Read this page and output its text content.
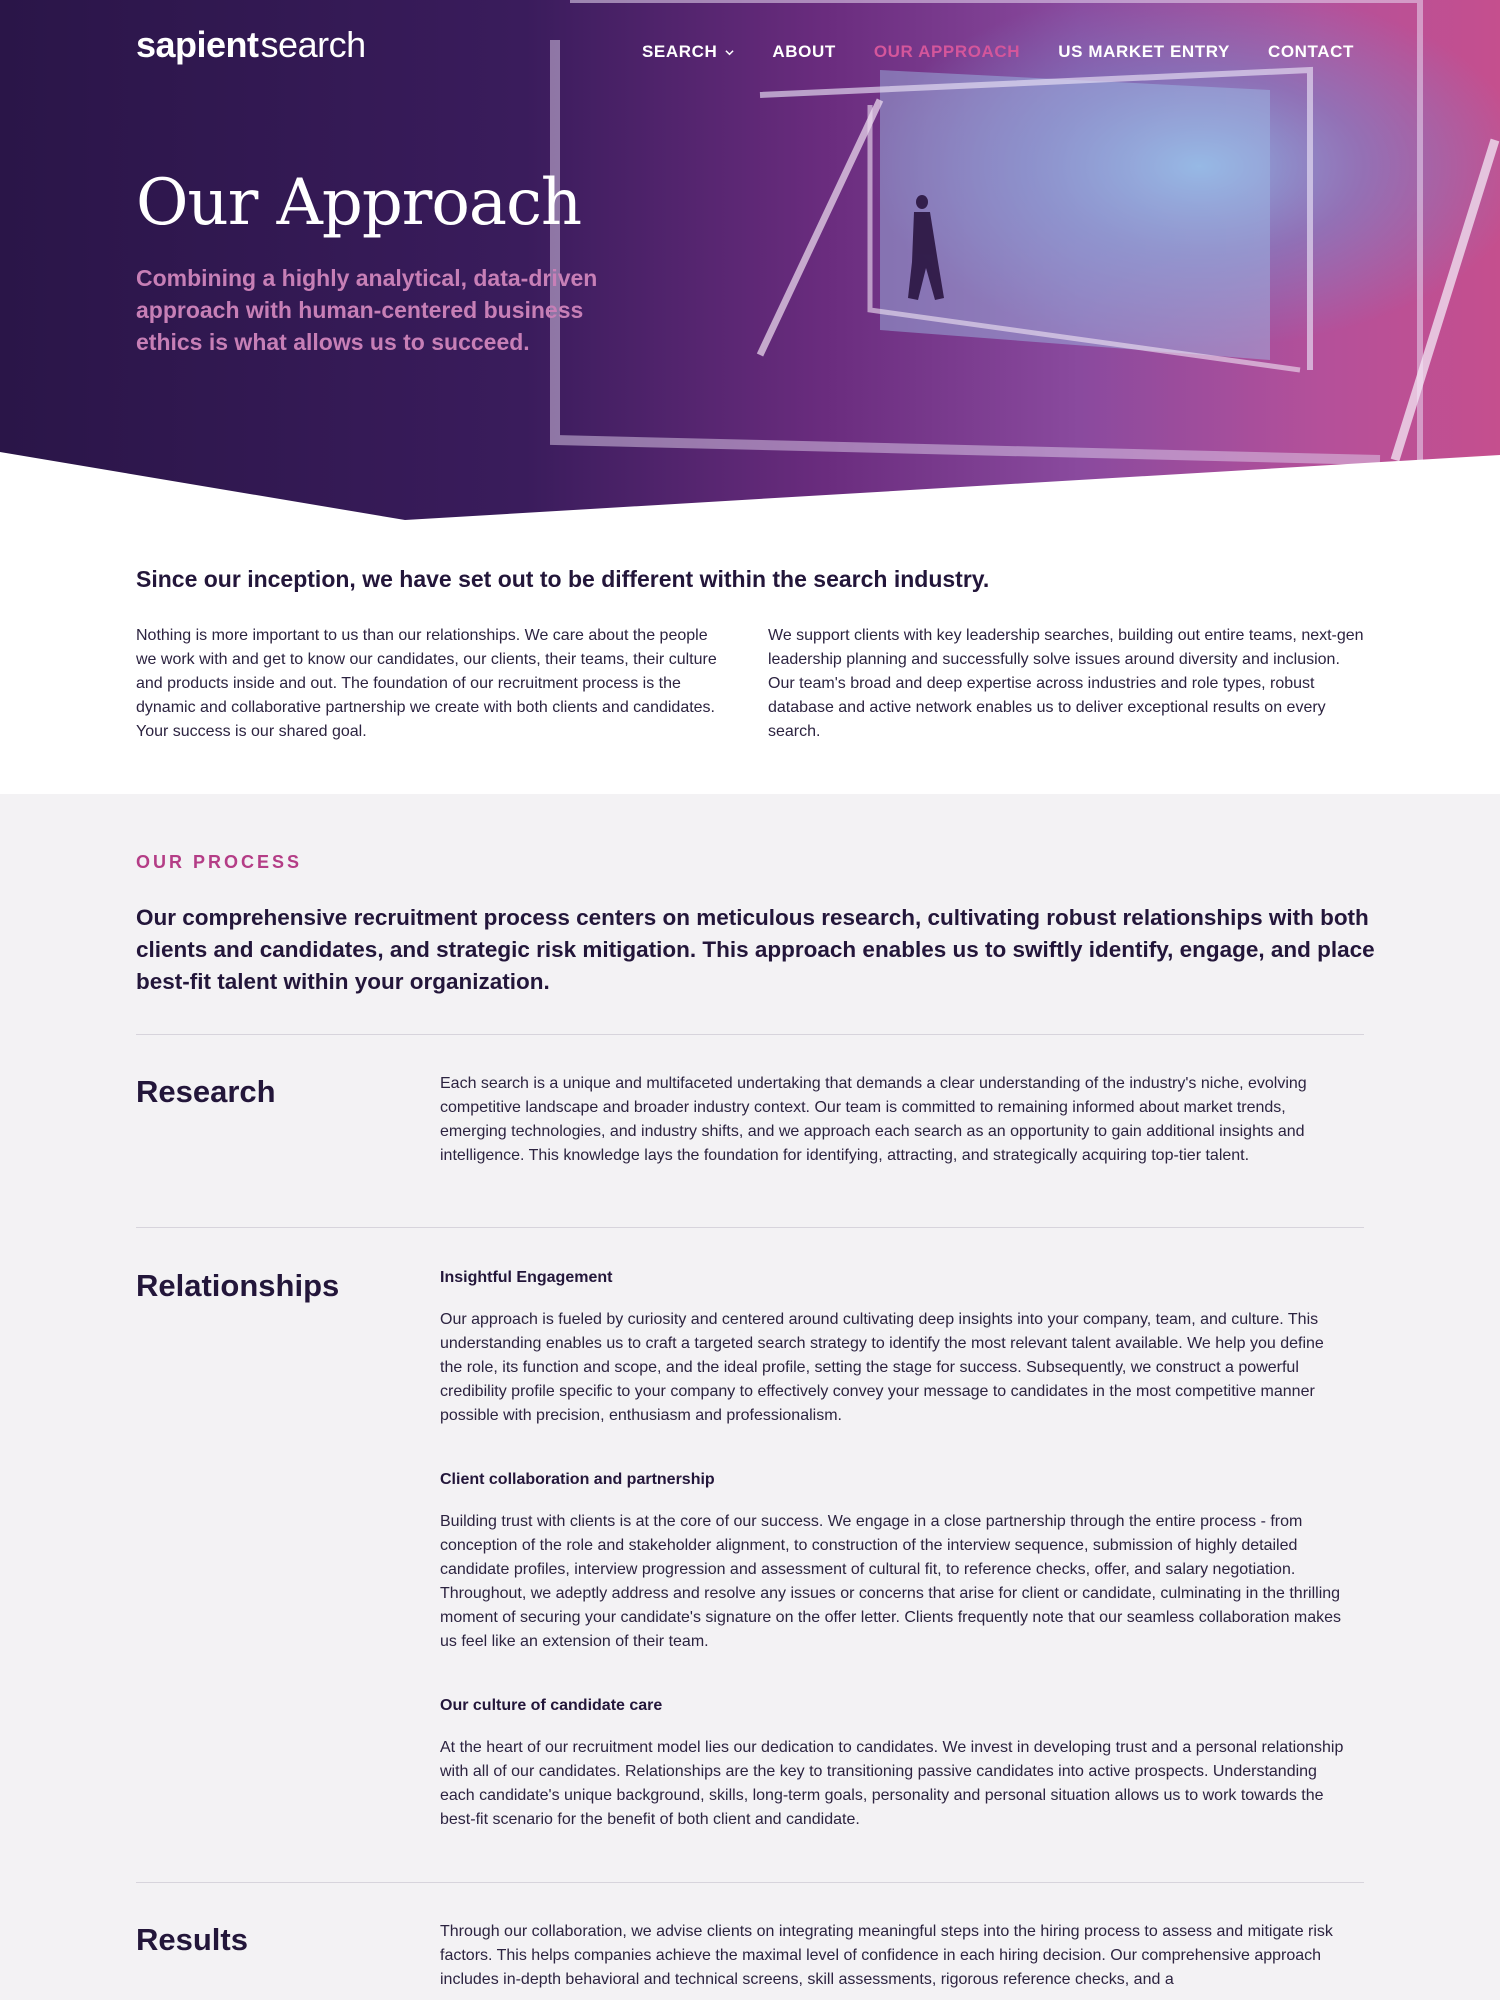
sapientsearch	SEARCH	ABOUT OUR APPROACH US MARKET ENTRY CONTACT
Our Approach

Combining a highly analytical, data-driven approach with human-centered business ethics is what allows us to succeed.

Since our inception, we have set out to be different within the search industry.

Nothing is more important to us than our relationships. We care about the people we work with and get to know our candidates, our clients, their teams, their culture and products inside and out. The foundation of our recruitment process is the dynamic and collaborative partnership we create with both clients and candidates. Your success is our shared goal.

We support clients with key leadership searches, building out entire teams, next-gen leadership planning and successfully solve issues around diversity and inclusion. Our team's broad and deep expertise across industries and role types, robust database and active network enables us to deliver exceptional results on every search.

OUR PROCESS

Our comprehensive recruitment process centers on meticulous research, cultivating robust relationships with both clients and candidates, and strategic risk mitigation. This approach enables us to swiftly identify, engage, and place best-fit talent within your organization.

Research	Each search is a unique and multifaceted undertaking that demands a clear understanding of the industry's niche, evolving competitive landscape and broader industry context. Our team is committed to remaining informed about market trends, emerging technologies, and industry shifts, and we approach each search as an opportunity to gain additional insights and intelligence. This knowledge lays the foundation for identifying, attracting, and strategically acquiring top-tier talent.

Relationships	Insightful Engagement

Our approach is fueled by curiosity and centered around cultivating deep insights into your company, team, and culture. This understanding enables us to craft a targeted search strategy to identify the most relevant talent available. We help you define the role, its function and scope, and the ideal profile, setting the stage for success. Subsequently, we construct a powerful credibility profile specific to your company to effectively convey your message to candidates in the most competitive manner possible with precision, enthusiasm and professionalism.

Client collaboration and partnership

Building trust with clients is at the core of our success. We engage in a close partnership through the entire process - from conception of the role and stakeholder alignment, to construction of the interview sequence, submission of highly detailed candidate profiles, interview progression and assessment of cultural fit, to reference checks, offer, and salary negotiation. Throughout, we adeptly address and resolve any issues or concerns that arise for client or candidate, culminating in the thrilling moment of securing your candidate's signature on the offer letter. Clients frequently note that our seamless collaboration makes us feel like an extension of their team.

Our culture of candidate care

At the heart of our recruitment model lies our dedication to candidates. We invest in developing trust and a personal relationship with all of our candidates. Relationships are the key to transitioning passive candidates into active prospects. Understanding each candidate's unique background, skills, long-term goals, personality and personal situation allows us to work towards the best-fit scenario for the benefit of both client and candidate.

Results	Through our collaboration, we advise clients on integrating meaningful steps into the hiring process to assess and mitigate risk factors. This helps companies achieve the maximal level of confidence in each hiring decision. Our comprehensive approach includes in-depth behavioral and technical screens, skill assessments, rigorous reference checks, and a
